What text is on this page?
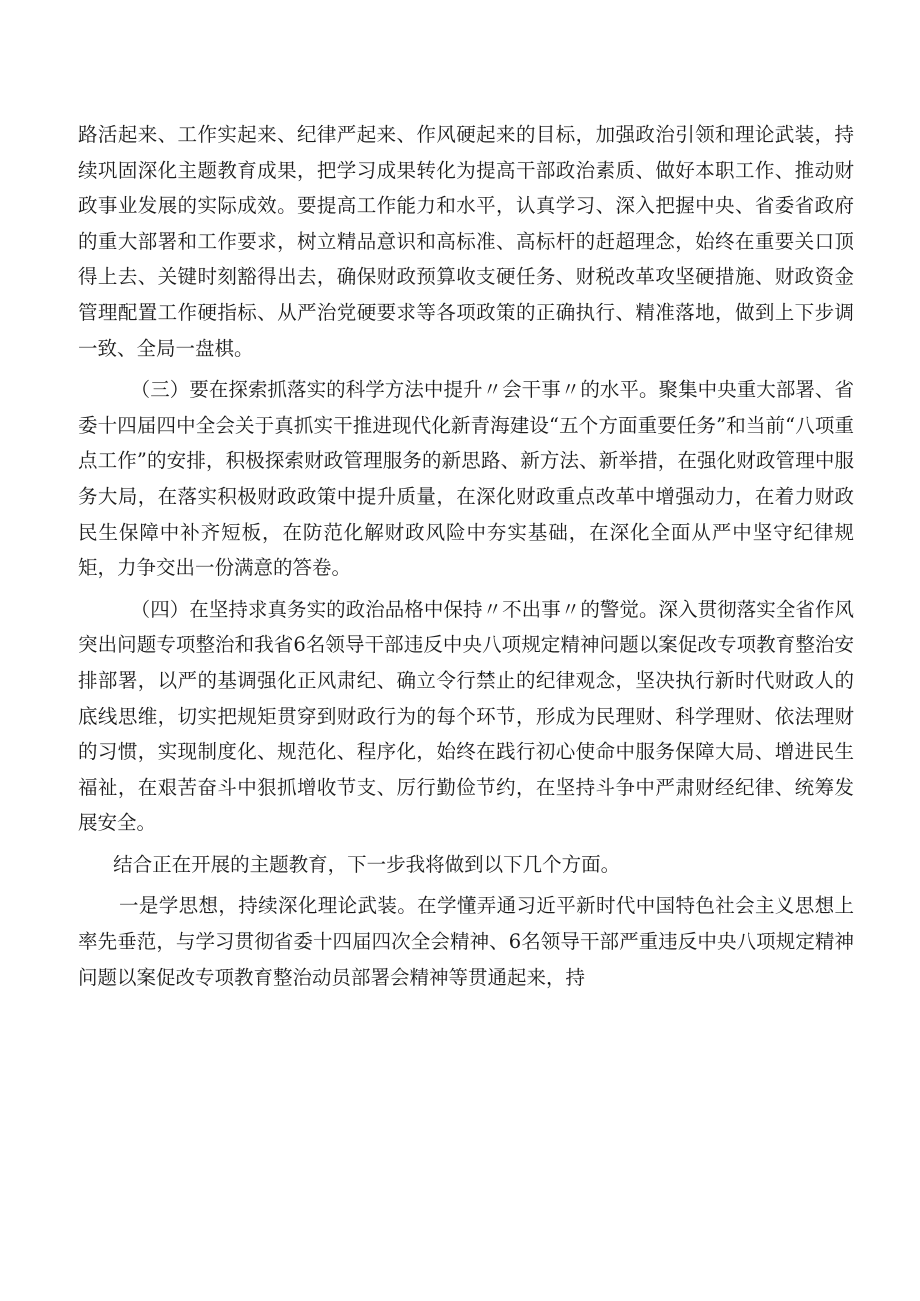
路活起来、工作实起来、纪律严起来、作风硬起来的目标，加强政治引领和理论武装，持续巩固深化主题教育成果，把学习成果转化为提高干部政治素质、做好本职工作、推动财政事业发展的实际成效。要提高工作能力和水平，认真学习、深入把握中央、省委省政府的重大部署和工作要求，树立精品意识和高标准、高标杆的赶超理念，始终在重要关口顶得上去、关键时刻豁得出去，确保财政预算收支硬任务、财税改革攻坚硬措施、财政资金管理配置工作硬指标、从严治党硬要求等各项政策的正确执行、精准落地，做到上下步调一致、全局一盘棋。

（三）要在探索抓落实的科学方法中提升〃会干事〃的水平。聚集中央重大部署、省委十四届四中全会关于真抓实干推进现代化新青海建设“五个方面重要任务”和当前“八项重点工作”的安排，积极探索财政管理服务的新思路、新方法、新举措，在强化财政管理中服务大局，在落实积极财政政策中提升质量，在深化财政重点改革中增强动力，在着力财政民生保障中补齐短板，在防范化解财政风险中夯实基础，在深化全面从严中坚守纪律规矩，力争交出一份满意的答卷。

（四）在坚持求真务实的政治品格中保持〃不出事〃的警觉。深入贯彻落实全省作风突出问题专项整治和我省6名领导干部违反中央八项规定精神问题以案促改专项教育整治安排部署，以严的基调强化正风肃纪、确立令行禁止的纪律观念，坚决执行新时代财政人的底线思维，切实把规矩贯穿到财政行为的每个环节，形成为民理财、科学理财、依法理财的习惯，实现制度化、规范化、程序化，始终在践行初心使命中服务保障大局、增进民生福祉，在艰苦奋斗中狠抓增收节支、厉行勤俭节约，在坚持斗争中严肃财经纪律、统筹发展安全。

结合正在开展的主题教育，下一步我将做到以下几个方面。

一是学思想，持续深化理论武装。在学懂弄通习近平新时代中国特色社会主义思想上率先垂范，与学习贯彻省委十四届四次全会精神、6名领导干部严重违反中央八项规定精神问题以案促改专项教育整治动员部署会精神等贯通起来，持
